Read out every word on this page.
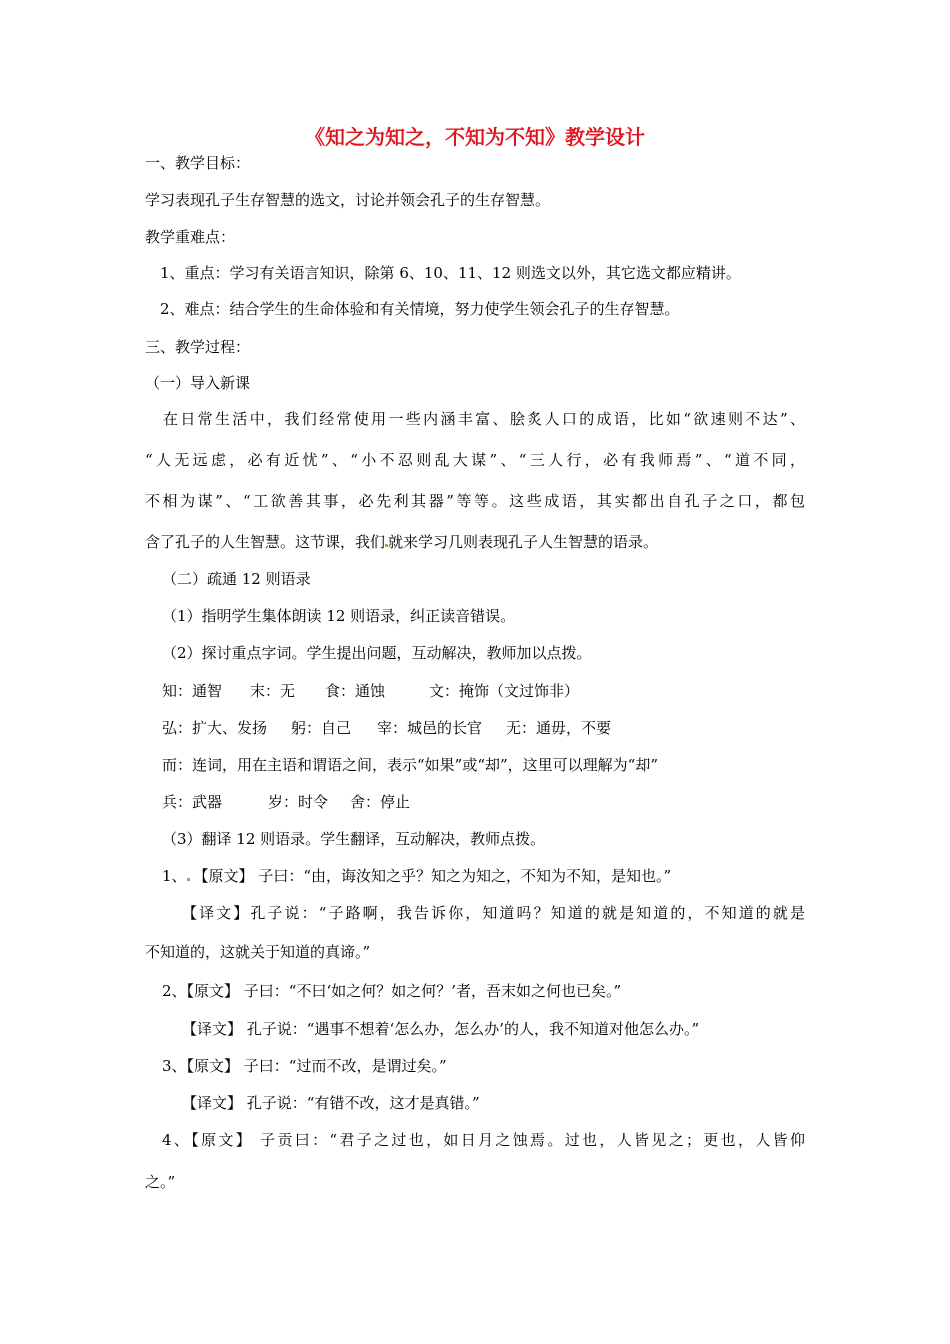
《知之为知之，不知为不知》教学设计
一、教学目标：
学习表现孔子生存智慧的选文，讨论并领会孔子的生存智慧。
教学重难点：
1、重点：学习有关语言知识，除第 6、10、11、12 则选文以外，其它选文都应精讲。
2、难点：结合学生的生命体验和有关情境，努力使学生领会孔子的生存智慧。
三、教学过程：
（一）导入新课
在日常生活中，我们经常使用一些内涵丰富、脍炙人口的成语，比如“欲速则不达”、
“人无远虑，必有近忧”、“小不忍则乱大谋”、“三人行，必有我师焉”、“道不同，
不相为谋”、“工欲善其事，必先利其器”等等。这些成语，其实都出自孔子之口，都包
含了孔子的人生智慧。这节课，我们 就来学习几则表现孔子人生智慧的语录。
（二）疏通 12 则语录
（1）指明学生集体朗读 12 则语录，纠正读音错误。
（2）探讨重点字词。学生提出问题，互动解决，教师加以点拨。
知：通智 末：无 食：通蚀	文：掩饰（文过饰非）
弘：扩大、发扬 躬：自己 宰：城邑的长官 无：通毋，不要
而：连词，用在主语和谓语之间，表示“如果”或“却”，这里可以理解为“却”
兵：武器	岁：时令 舍：停止
（3）翻译 12 则语录。学生翻译，互动解决，教师点拨。
1、 【原文】 子曰：“由，诲汝知之乎？知之为知之，不知为不知，是知也。”
【译文】孔子说：“子路啊，我告诉你，知道吗？知道的就是知道的，不知道的就是
不知道的，这就关于知道的真谛。”
2、【原文】 子曰：“不曰‘如之何？如之何？’者，吾末如之何也已矣。”
【译文】 孔子说：“遇事不想着‘怎么办，怎么办’的人，我不知道对他怎么办。”
3、【原文】 子曰：“过而不改，是谓过矣。”
【译文】 孔子说：“有错不改，这才是真错。”
4、【原文】 子贡曰：“君子之过也，如日月之蚀焉。过也，人皆见之；更也，人皆仰
之。”
